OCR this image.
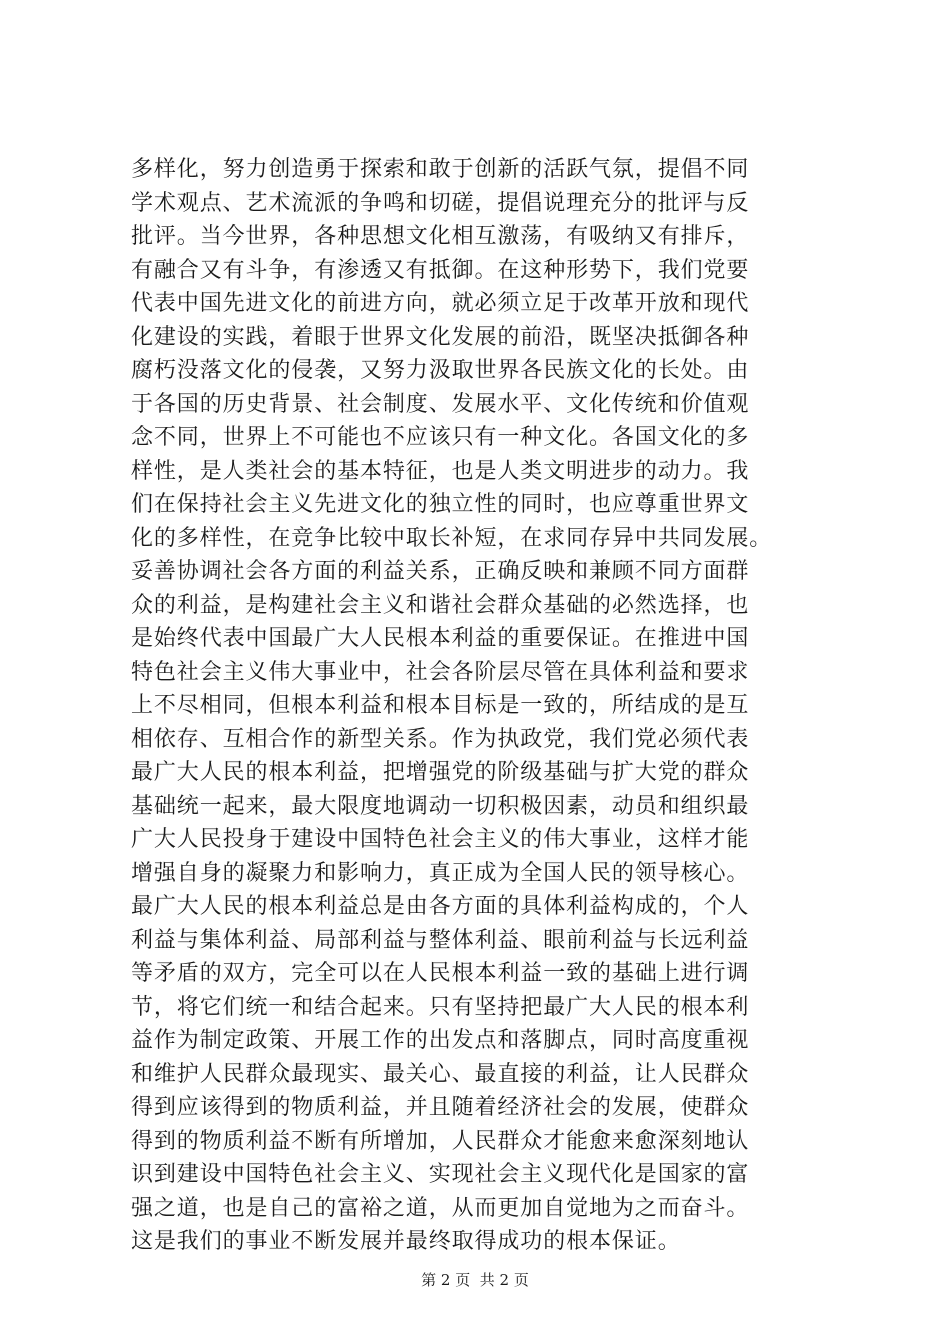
多样化，努力创造勇于探索和敢于创新的活跃气氛，提倡不同
学术观点、艺术流派的争鸣和切磋，提倡说理充分的批评与反
批评。当今世界，各种思想文化相互激荡，有吸纳又有排斥，
有融合又有斗争，有渗透又有抵御。在这种形势下，我们党要
代表中国先进文化的前进方向，就必须立足于改革开放和现代
化建设的实践，着眼于世界文化发展的前沿，既坚决抵御各种
腐朽没落文化的侵袭，又努力汲取世界各民族文化的长处。由
于各国的历史背景、社会制度、发展水平、文化传统和价值观
念不同，世界上不可能也不应该只有一种文化。各国文化的多
样性，是人类社会的基本特征，也是人类文明进步的动力。我
们在保持社会主义先进文化的独立性的同时，也应尊重世界文
化的多样性，在竞争比较中取长补短，在求同存异中共同发展。
妥善协调社会各方面的利益关系，正确反映和兼顾不同方面群
众的利益，是构建社会主义和谐社会群众基础的必然选择，也
是始终代表中国最广大人民根本利益的重要保证。在推进中国
特色社会主义伟大事业中，社会各阶层尽管在具体利益和要求
上不尽相同，但根本利益和根本目标是一致的，所结成的是互
相依存、互相合作的新型关系。作为执政党，我们党必须代表
最广大人民的根本利益，把增强党的阶级基础与扩大党的群众
基础统一起来，最大限度地调动一切积极因素，动员和组织最
广大人民投身于建设中国特色社会主义的伟大事业，这样才能
增强自身的凝聚力和影响力，真正成为全国人民的领导核心。
最广大人民的根本利益总是由各方面的具体利益构成的，个人
利益与集体利益、局部利益与整体利益、眼前利益与长远利益
等矛盾的双方，完全可以在人民根本利益一致的基础上进行调
节，将它们统一和结合起来。只有坚持把最广大人民的根本利
益作为制定政策、开展工作的出发点和落脚点，同时高度重视
和维护人民群众最现实、最关心、最直接的利益，让人民群众
得到应该得到的物质利益，并且随着经济社会的发展，使群众
得到的物质利益不断有所增加，人民群众才能愈来愈深刻地认
识到建设中国特色社会主义、实现社会主义现代化是国家的富
强之道，也是自己的富裕之道，从而更加自觉地为之而奋斗。
这是我们的事业不断发展并最终取得成功的根本保证。
第 2 页  共 2 页
